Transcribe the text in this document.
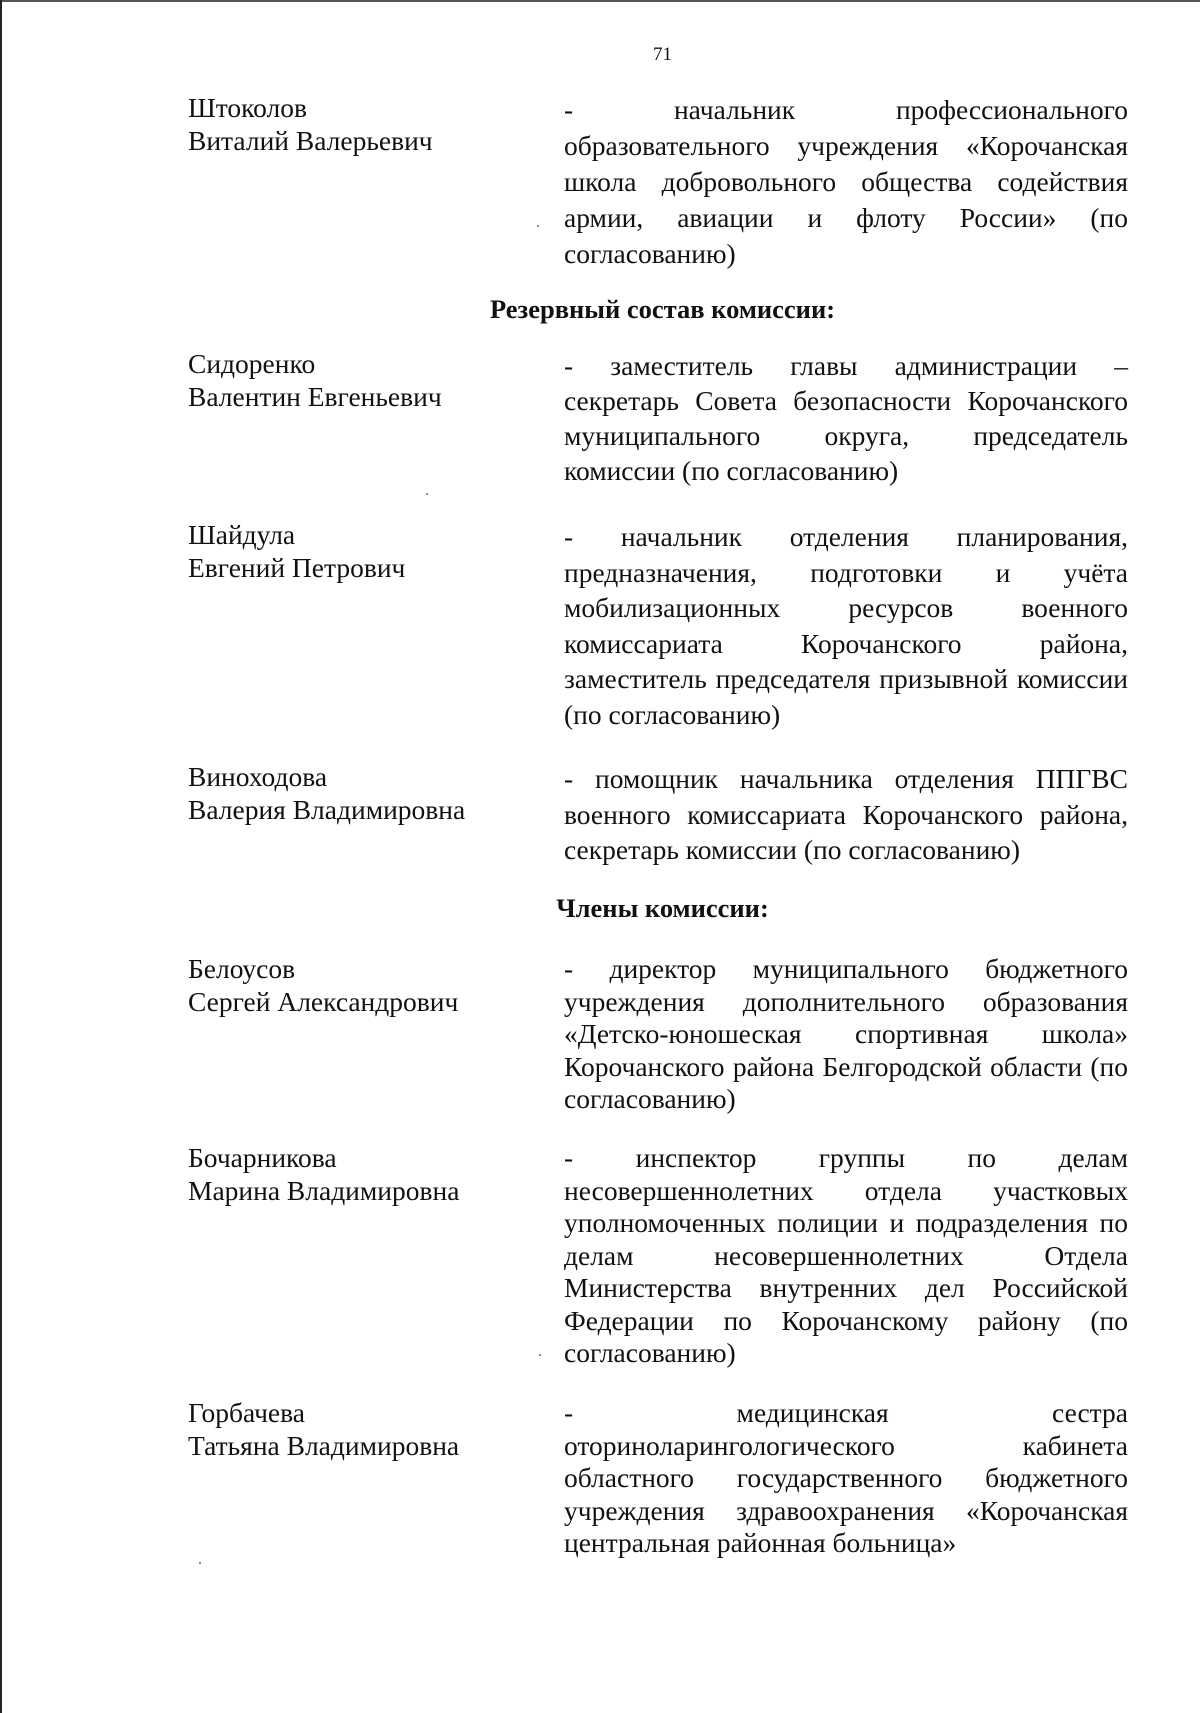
71
Штоколов
Виталий Валерьевич
- начальник профессионального образовательного учреждения «Корочанская школа добровольного общества содействия армии, авиации и флоту России» (по согласованию)
Резервный состав комиссии:
Сидоренко
Валентин Евгеньевич
- заместитель главы администрации – секретарь Совета безопасности Корочанского муниципального округа, председатель комиссии (по согласованию)
Шайдула
Евгений Петрович
- начальник отделения планирования, предназначения, подготовки и учёта мобилизационных ресурсов военного комиссариата Корочанского района, заместитель председателя призывной комиссии (по согласованию)
Виноходова
Валерия Владимировна
- помощник начальника отделения ППГВС военного комиссариата Корочанского района, секретарь комиссии (по согласованию)
Члены комиссии:
Белоусов
Сергей Александрович
- директор муниципального бюджетного учреждения дополнительного образования «Детско-юношеская спортивная школа» Корочанского района Белгородской области (по согласованию)
Бочарникова
Марина Владимировна
- инспектор группы по делам несовершеннолетних отдела участковых уполномоченных полиции и подразделения по делам несовершеннолетних Отдела Министерства внутренних дел Российской Федерации по Корочанскому району (по согласованию)
Горбачева
Татьяна Владимировна
- медицинская сестра оториноларингологического кабинета областного государственного бюджетного учреждения здравоохранения «Корочанская центральная районная больница»
